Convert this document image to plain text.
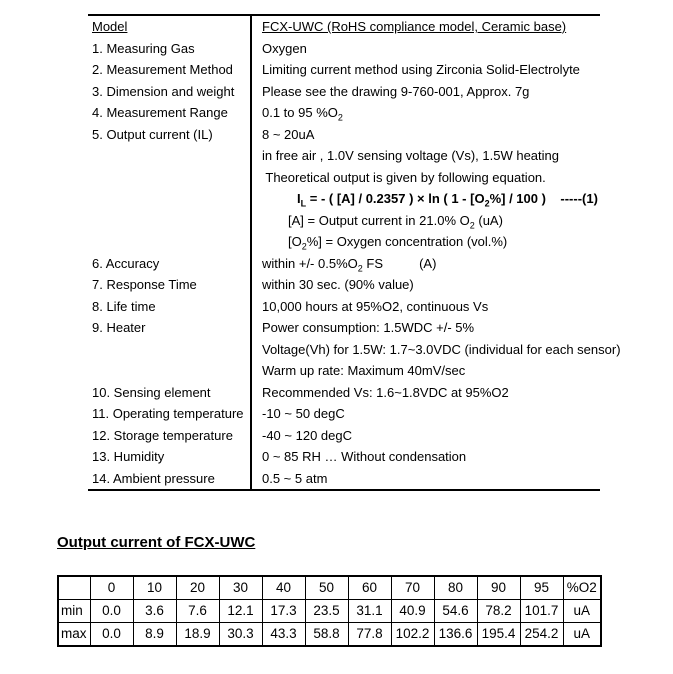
Model	FCX-UWC (RoHS compliance model, Ceramic base)
1. Measuring Gas	Oxygen
2. Measurement Method	Limiting current method using Zirconia Solid-Electrolyte
3. Dimension and weight	Please see the drawing 9-760-001, Approx. 7g
4. Measurement Range	0.1 to 95 $\%O_2$
5. Output current (IL)	8 ~ 20uA
in free air , 1.0V sensing voltage (Vs), 1.5W heating
Theoretical output is given by following equation.
$I_L$ = - ( [A] / 0.2357 ) × ln ( $1 - [O_2\%] / 100$ )    -----(1)
[A] = Output current in 21.0% $O_2$ (uA)
$[O_2\%]$ = Oxygen concentration (vol.%)
6. Accuracy	within +/- $0.5\%O_2$ FS          (A)
7. Response Time	within 30 sec. (90% value)
8. Life time	10,000 hours at 95%O2, continuous Vs
9. Heater	Power consumption: 1.5WDC +/- 5%
Voltage(Vh) for 1.5W: 1.7~3.0VDC (individual for each sensor)
Warm up rate: Maximum 40mV/sec
10. Sensing element	Recommended Vs: 1.6~1.8VDC at 95%O2
11. Operating temperature	-10 ~ 50 degC
12. Storage temperature	-40 ~ 120 degC
13. Humidity	0 ~ 85 RH … Without condensation
14. Ambient pressure	0.5 ~ 5 atm
Output current of FCX-UWC
	0	10	20	30	40	50	60	70	80	90	95	%O2
min	0.0	3.6	7.6	12.1	17.3	23.5	31.1	40.9	54.6	78.2	101.7	uA
max	0.0	8.9	18.9	30.3	43.3	58.8	77.8	102.2	136.6	195.4	254.2	uA
